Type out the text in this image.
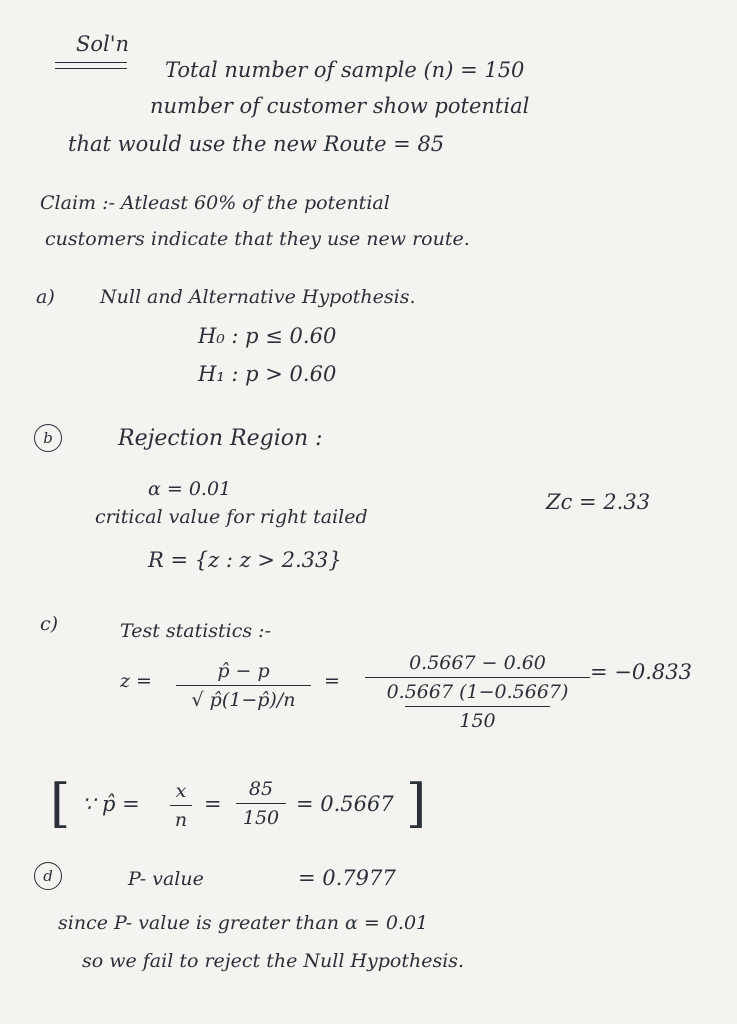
Sol'n
Total number of sample (n) = 150
number of customer show potential
that would use the new Route = 85
Claim :- Atleast 60% of the potential
customers indicate that they use new route.
a) Null and Alternative Hypothesis.
H₀ : p ≤ 0.60
H₁ : p > 0.60
b	Rejection Region :
α = 0.01
critical value for right tailed
Zc = 2.33
R = {z : z > 2.33}
c)	Test statistics :-
z =	p̂ − p
√ p̂(1−p̂)/n
=
0.5667 − 0.60
0.5667 (1−0.5667)
150
= −0.833
[ ∵ p̂ =
x
n
=
85
150
= 0.5667 ]
d	P- value	= 0.7977
since P- value is greater than α = 0.01
so we fail to reject the Null Hypothesis.
